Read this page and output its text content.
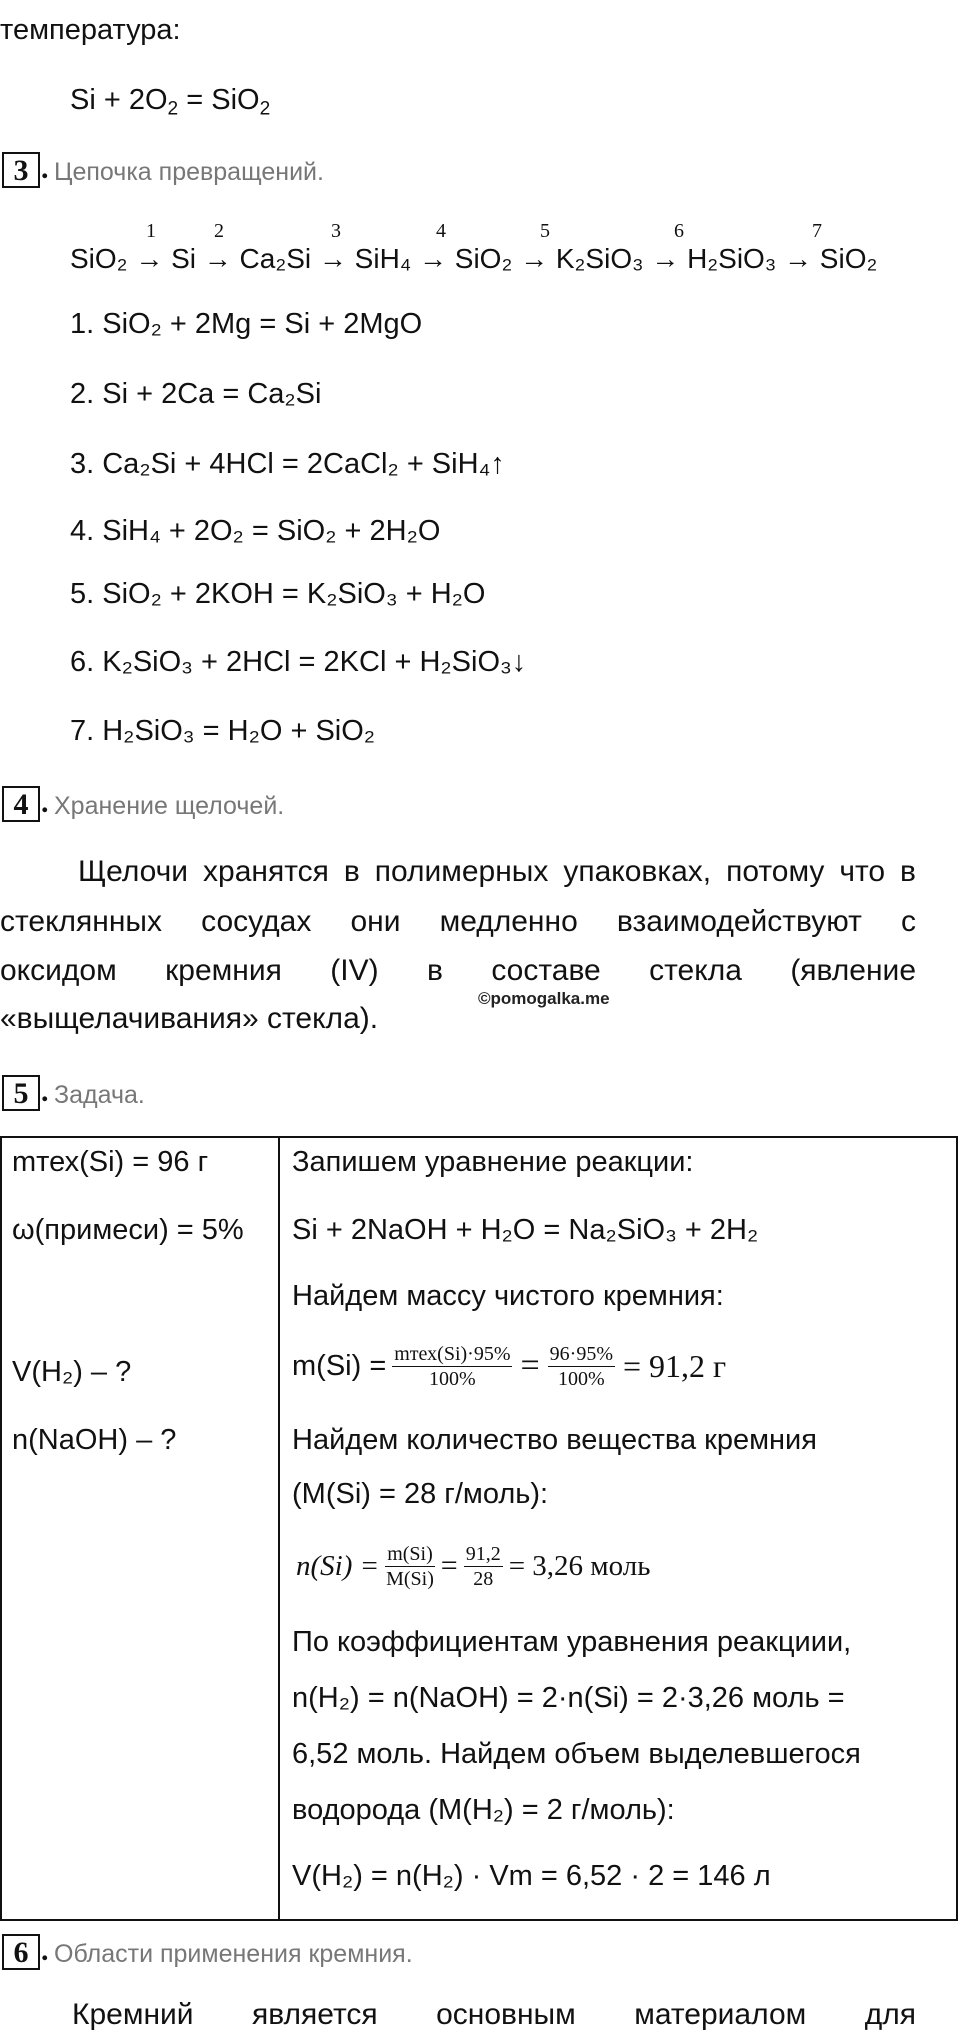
температура:
$Si + 2O_2 = SiO_2$
3 . Цепочка превращений.
1	2	3	4	5	6	7
SiO₂ → Si → Ca₂Si → SiH₄ → SiO₂ → K₂SiO₃ → H₂SiO₃ → SiO₂
1. SiO₂ + 2Mg = Si + 2MgO
2. Si + 2Ca = Ca₂Si
3. Ca₂Si + 4HCl = 2CaCl₂ + SiH₄↑
4. SiH₄ + 2O₂ = SiO₂ + 2H₂O
5. SiO₂ + 2KOH = K₂SiO₃ + H₂O
6. K₂SiO₃ + 2HCl = 2KCl + H₂SiO₃↓
7. H₂SiO₃ = H₂O + SiO₂
4 . Хранение щелочей.
Щелочи хранятся в полимерных упаковках, потому что в
стеклянных сосудах они медленно взаимодействуют с
оксидом кремния (IV) в составе стекла (явление
«выщелачивания» стекла).
©pomogalka.me
5 . Задача.
mтех(Si) = 96 г
ω(примеси) = 5%
V(H₂) – ?
n(NaOH) – ?

Запишем уравнение реакции:
Si + 2NaOH + H₂O = Na₂SiO₃ + 2H₂
Найдем массу чистого кремния:
$m(Si) = \frac{\text{mтех(Si)·95\%}}{100\%} = \frac{96\cdot 95\%}{100\%} = 91,2$ г
Найдем количество вещества кремния
(M(Si) = 28 г/моль):
$n(Si) = \frac{m(Si)}{M(Si)} = \frac{91,2}{28} = 3,26$ моль
По коэффициентам уравнения реакциии,
n(H₂) = n(NaOH) = 2·n(Si) = 2·3,26 моль =
6,52 моль. Найдем объем выделевшегося
водорода (M(H₂) = 2 г/моль):
V(H₂) = n(H₂) · Vm = 6,52 · 2 = 146 л
6 . Области применения кремния.
Кремний является основным материалом для
